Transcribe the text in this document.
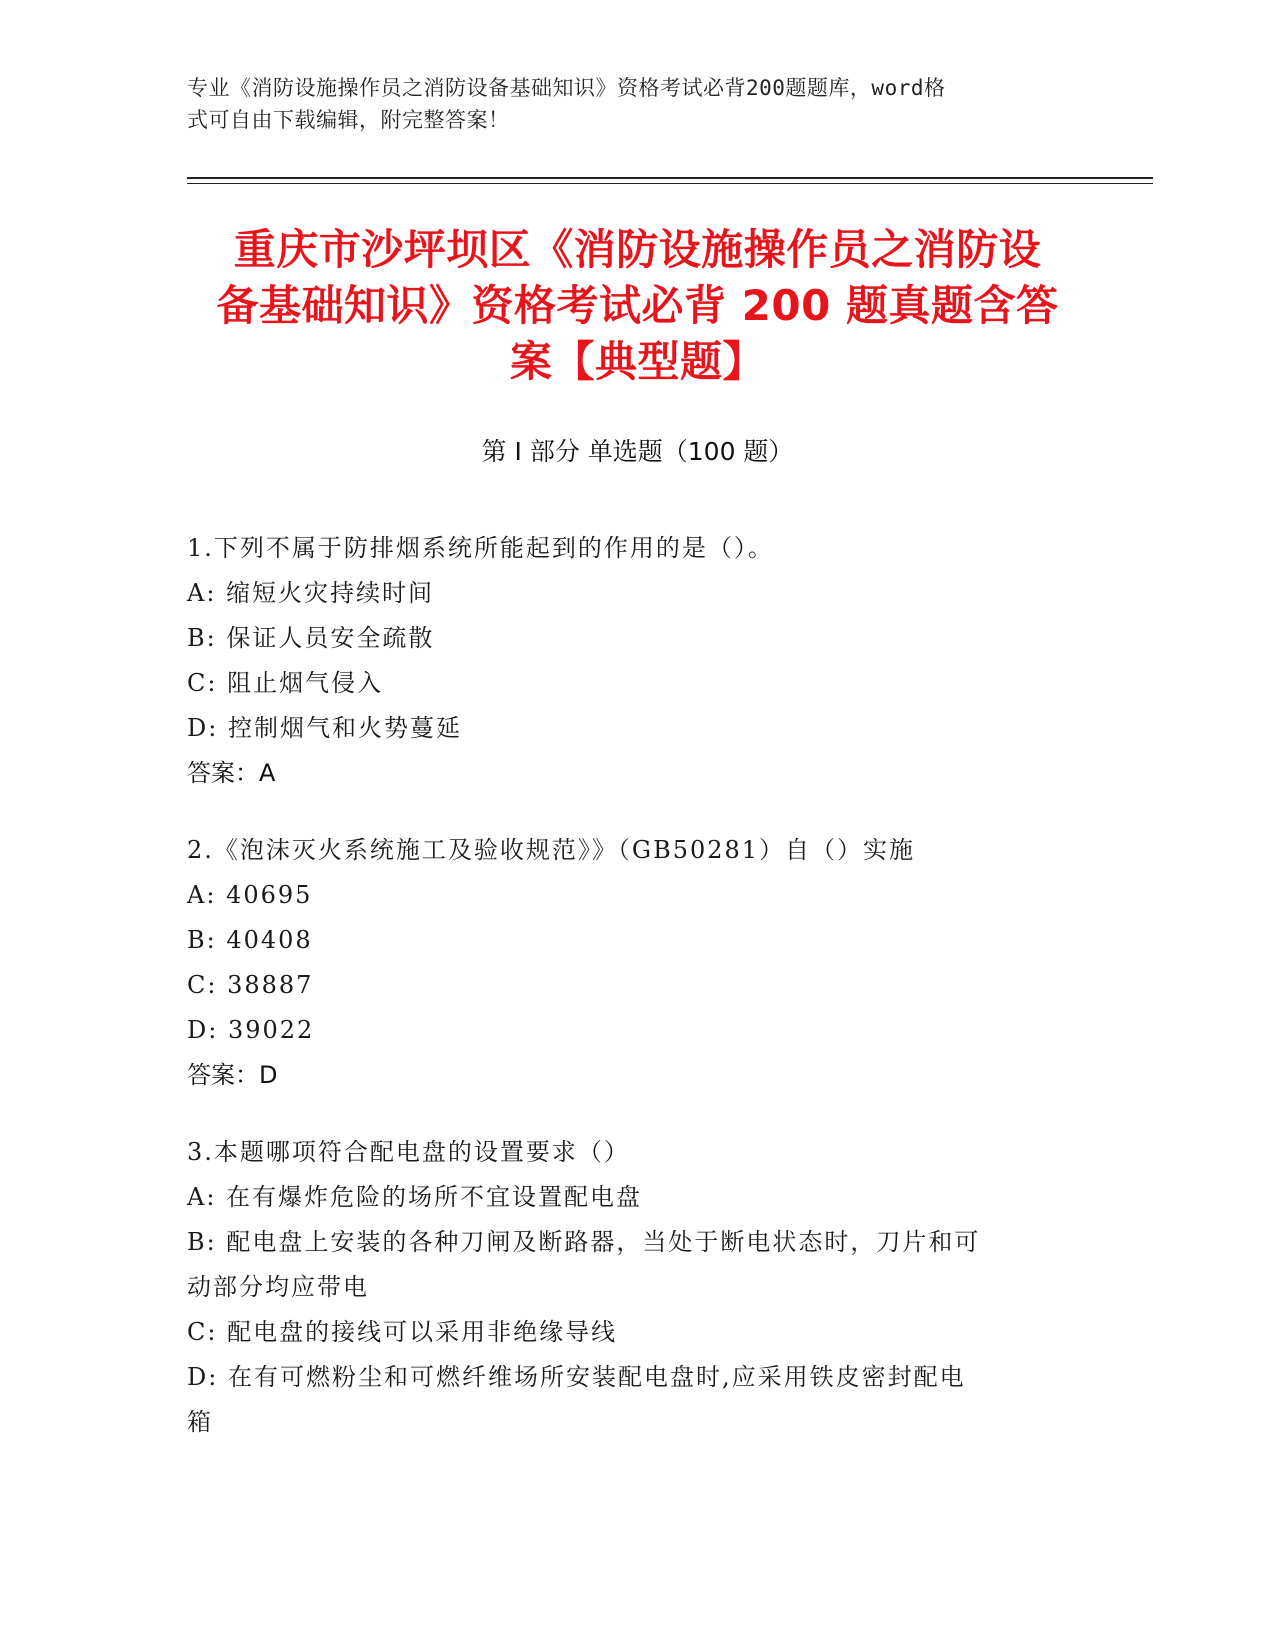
专业《消防设施操作员之消防设备基础知识》资格考试必背200题题库，word格
式可自由下载编辑，附完整答案！
重庆市沙坪坝区《消防设施操作员之消防设
备基础知识》资格考试必背 200 题真题含答
案【典型题】
第 I 部分 单选题（100 题）

1.下列不属于防排烟系统所能起到的作用的是（）。

A: 缩短火灾持续时间

B: 保证人员安全疏散

C: 阻止烟气侵入

D: 控制烟气和火势蔓延

答案：A

2.《泡沫灭火系统施工及验收规范》》（GB50281）自（）实施

A: 40695

B: 40408

C: 38887

D: 39022

答案：D

3.本题哪项符合配电盘的设置要求（）

A: 在有爆炸危险的场所不宜设置配电盘

B: 配电盘上安装的各种刀闸及断路器，当处于断电状态时，刀片和可

动部分均应带电

C: 配电盘的接线可以采用非绝缘导线

D: 在有可燃粉尘和可燃纤维场所安装配电盘时,应采用铁皮密封配电

箱
